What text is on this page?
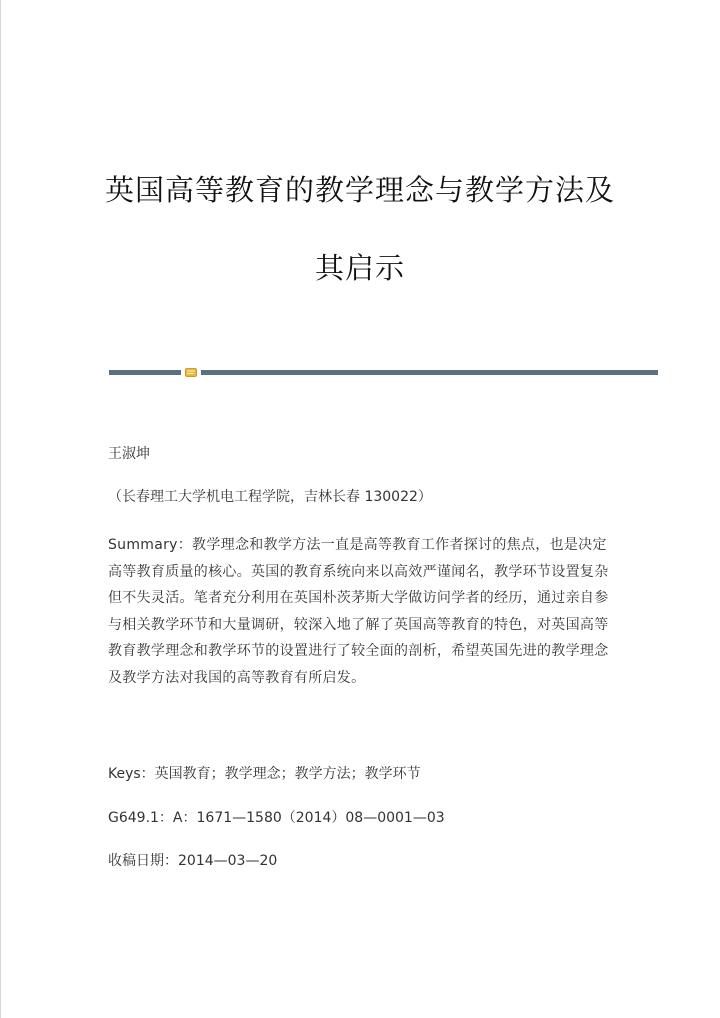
英国高等教育的教学理念与教学方法及
其启示
王淑坤
（长春理工大学机电工程学院，吉林长春 130022）
Summary：教学理念和教学方法一直是高等教育工作者探讨的焦点，也是决定高等教育质量的核心。英国的教育系统向来以高效严谨闻名，教学环节设置复杂但不失灵活。笔者充分利用在英国朴茨茅斯大学做访问学者的经历，通过亲自参与相关教学环节和大量调研，较深入地了解了英国高等教育的特色，对英国高等教育教学理念和教学环节的设置进行了较全面的剖析，希望英国先进的教学理念及教学方法对我国的高等教育有所启发。
Keys：英国教育；教学理念；教学方法；教学环节
G649.1：A：1671—1580（2014）08—0001—03
收稿日期：2014—03—20
